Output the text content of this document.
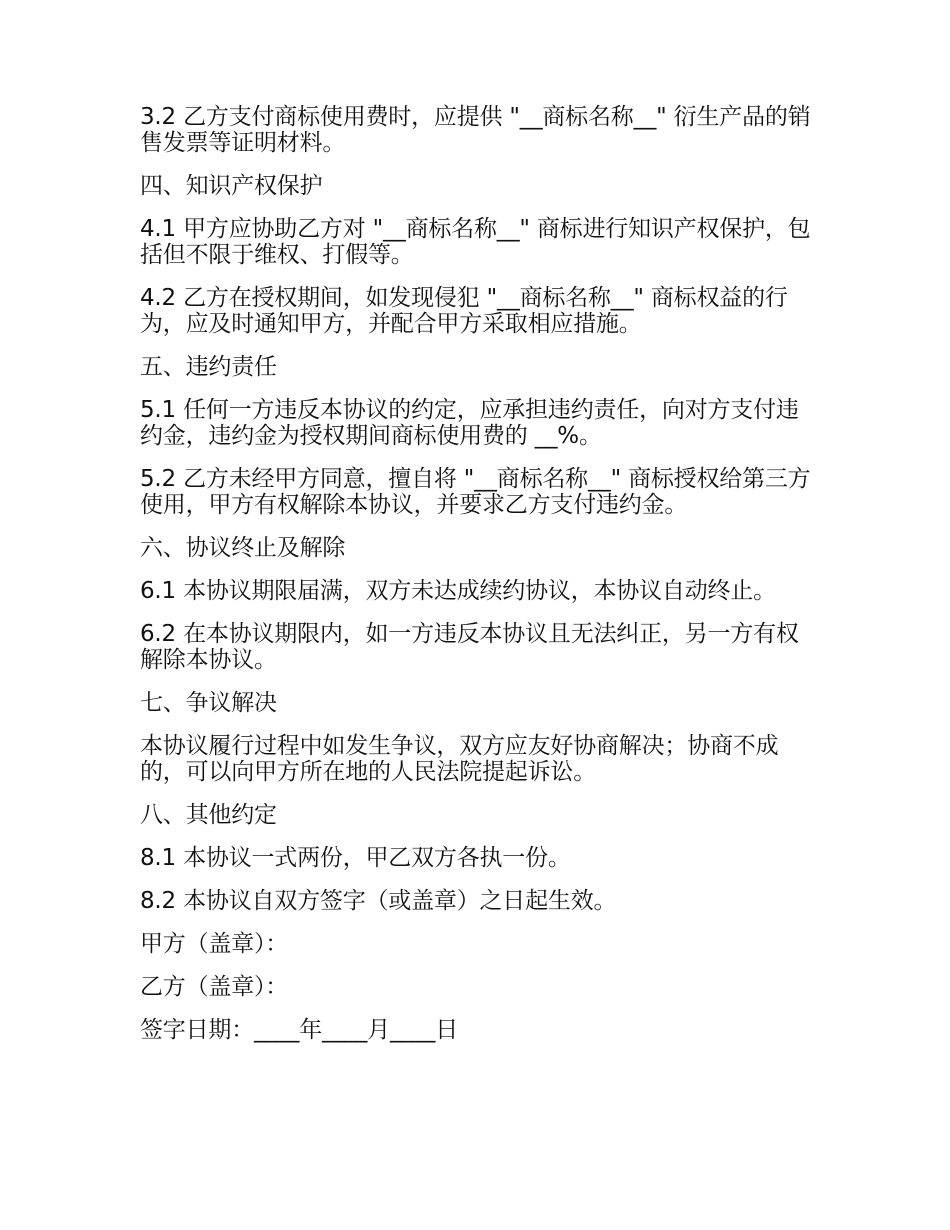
3.2 乙方支付商标使用费时，应提供 "__商标名称__" 衍生产品的销售发票等证明材料。

四、知识产权保护

4.1 甲方应协助乙方对 "__商标名称__" 商标进行知识产权保护，包括但不限于维权、打假等。

4.2 乙方在授权期间，如发现侵犯 "__商标名称__" 商标权益的行为，应及时通知甲方，并配合甲方采取相应措施。

五、违约责任

5.1 任何一方违反本协议的约定，应承担违约责任，向对方支付违约金，违约金为授权期间商标使用费的 __%。

5.2 乙方未经甲方同意，擅自将 "__商标名称__" 商标授权给第三方使用，甲方有权解除本协议，并要求乙方支付违约金。

六、协议终止及解除

6.1 本协议期限届满，双方未达成续约协议，本协议自动终止。

6.2 在本协议期限内，如一方违反本协议且无法纠正，另一方有权解除本协议。

七、争议解决

本协议履行过程中如发生争议，双方应友好协商解决；协商不成的，可以向甲方所在地的人民法院提起诉讼。

八、其他约定

8.1 本协议一式两份，甲乙双方各执一份。

8.2 本协议自双方签字（或盖章）之日起生效。

甲方（盖章）：

乙方（盖章）：

签字日期：____年____月____日
